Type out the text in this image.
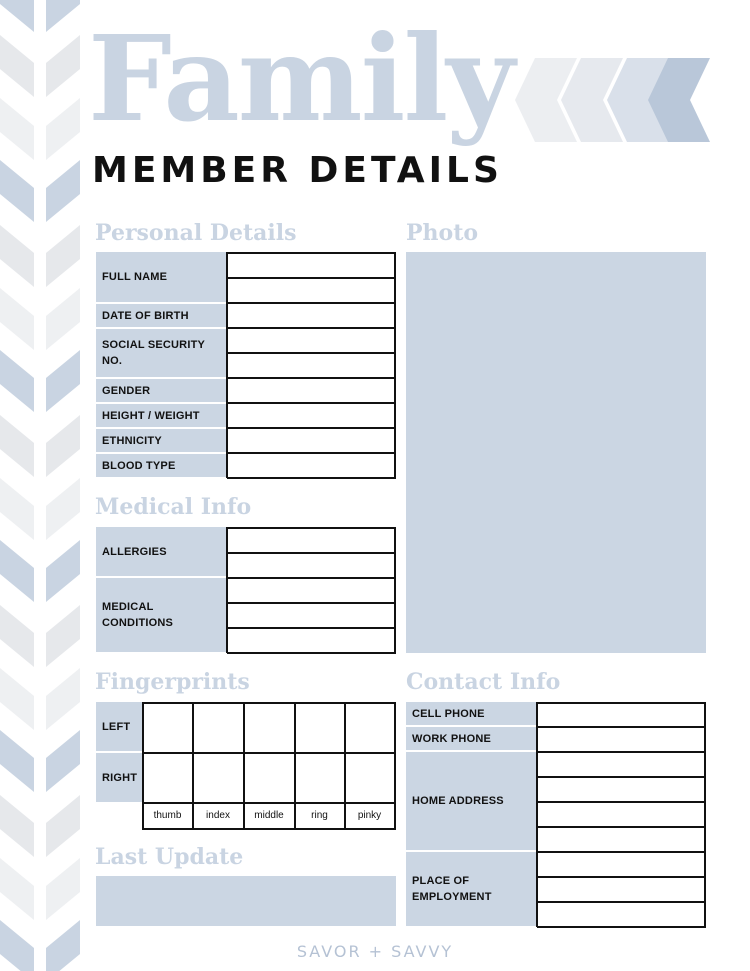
Family
MEMBER DETAILS
Personal Details
FULL NAME
DATE OF BIRTH
SOCIAL SECURITY NO.
GENDER
HEIGHT / WEIGHT
ETHNICITY
BLOOD TYPE
Photo
Medical Info
ALLERGIES
MEDICAL
CONDITIONS
Fingerprints
LEFT
RIGHT
thumb	index	middle	ring	pinky
Contact Info
CELL PHONE
WORK PHONE
HOME ADDRESS
PLACE OF
EMPLOYMENT
Last Update
SAVOR + SAVVY
